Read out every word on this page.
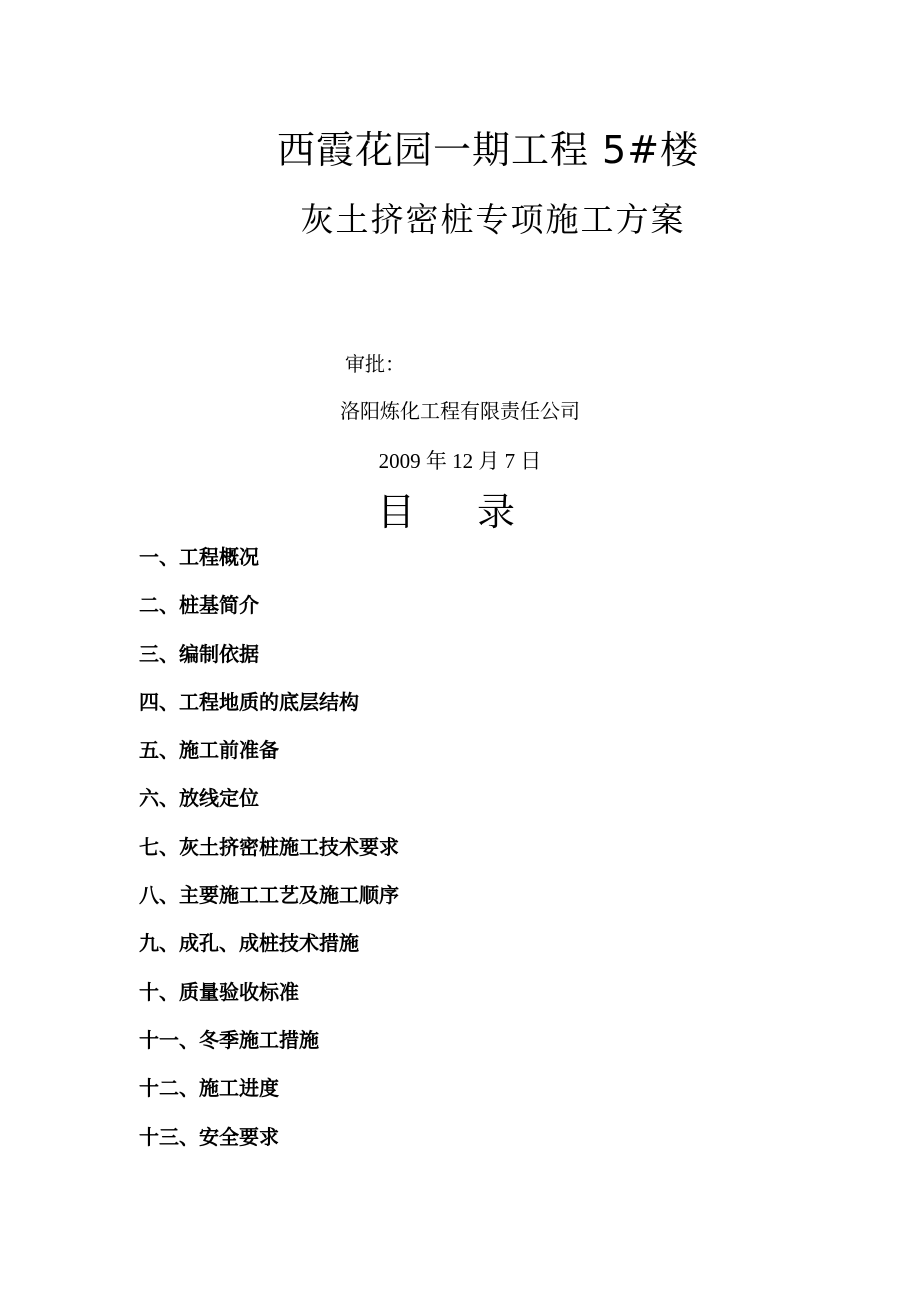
西霞花园一期工程 5#楼
灰土挤密桩专项施工方案
审批：
洛阳炼化工程有限责任公司
2009 年 12 月 7 日
目 录
一、工程概况
二、桩基简介
三、编制依据
四、工程地质的底层结构
五、施工前准备
六、放线定位
七、灰土挤密桩施工技术要求
八、主要施工工艺及施工顺序
九、成孔、成桩技术措施
十、质量验收标准
十一、冬季施工措施
十二、施工进度
十三、安全要求
